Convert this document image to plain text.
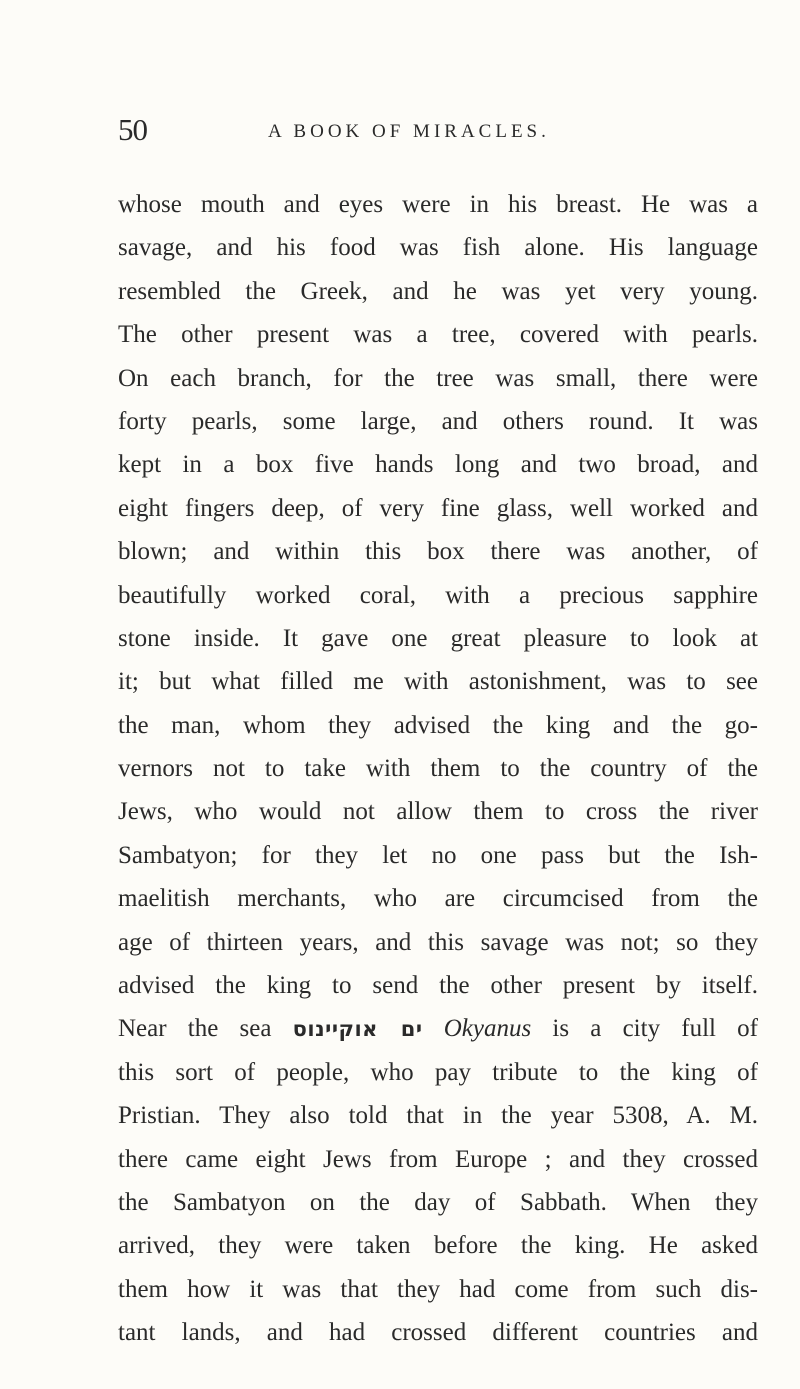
50	A BOOK OF MIRACLES.
whose mouth and eyes were in his breast. He was a
savage, and his food was fish alone. His language
resembled the Greek, and he was yet very young.
The other present was a tree, covered with pearls.
On each branch, for the tree was small, there were
forty pearls, some large, and others round. It was
kept in a box five hands long and two broad, and
eight fingers deep, of very fine glass, well worked and
blown; and within this box there was another, of
beautifully worked coral, with a precious sapphire
stone inside. It gave one great pleasure to look at
it; but what filled me with astonishment, was to see
the man, whom they advised the king and the go-
vernors not to take with them to the country of the
Jews, who would not allow them to cross the river
Sambatyon; for they let no one pass but the Ish-
maelitish merchants, who are circumcised from the
age of thirteen years, and this savage was not; so they
advised the king to send the other present by itself.
Near the sea ים אוקיינוס Okyanus is a city full of
this sort of people, who pay tribute to the king of
Pristian. They also told that in the year 5308, A. M.
there came eight Jews from Europe ; and they crossed
the Sambatyon on the day of Sabbath. When they
arrived, they were taken before the king. He asked
them how it was that they had come from such dis-
tant lands, and had crossed different countries and
